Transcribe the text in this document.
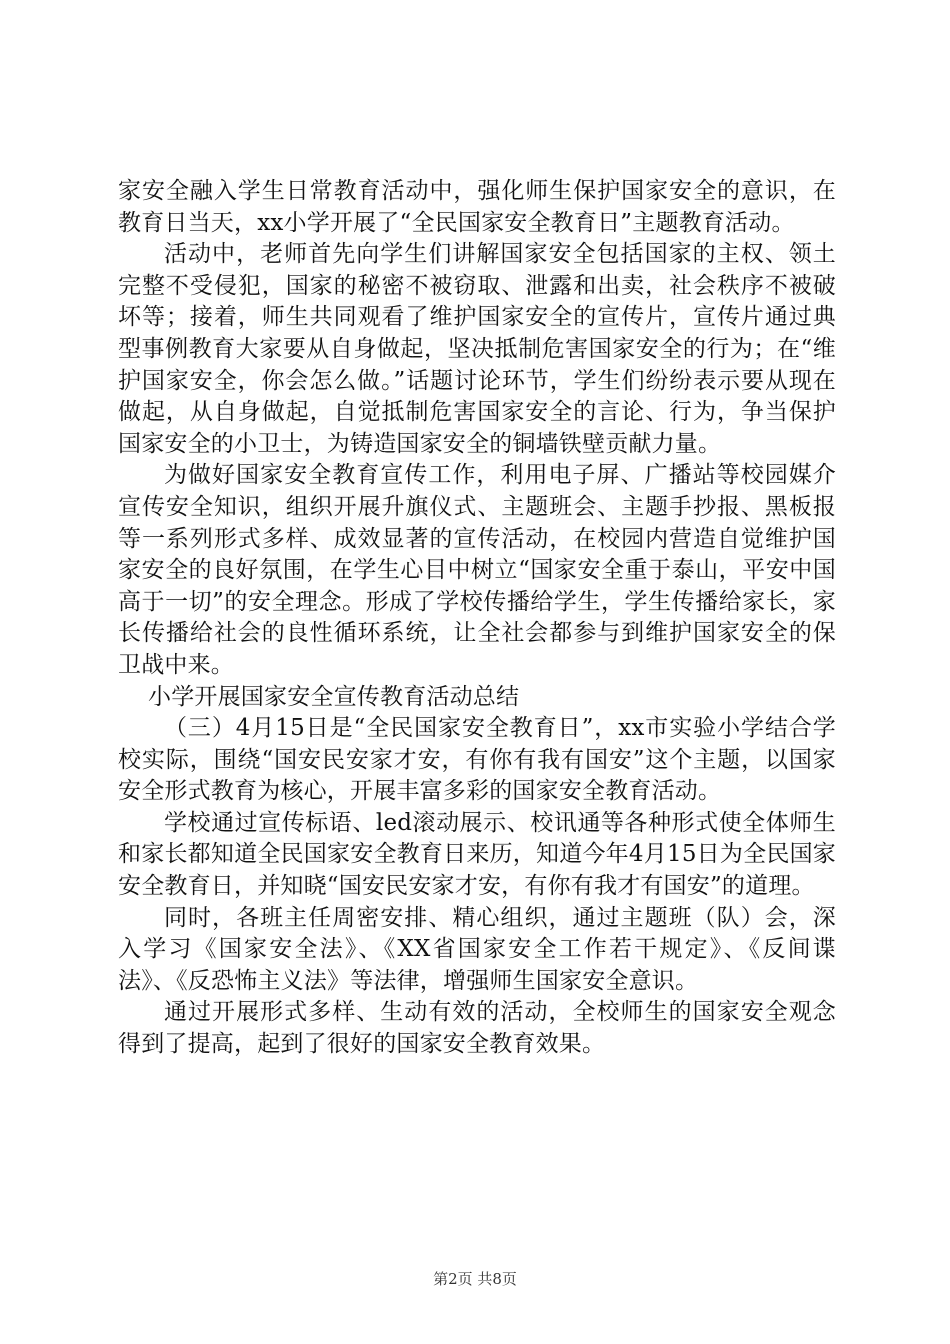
家安全融入学生日常教育活动中，强化师生保护国家安全的意识，在教育日当天，xx小学开展了“全民国家安全教育日”主题教育活动。

活动中，老师首先向学生们讲解国家安全包括国家的主权、领土完整不受侵犯，国家的秘密不被窃取、泄露和出卖，社会秩序不被破坏等；接着，师生共同观看了维护国家安全的宣传片，宣传片通过典型事例教育大家要从自身做起，坚决抵制危害国家安全的行为；在“维护国家安全，你会怎么做。”话题讨论环节，学生们纷纷表示要从现在做起，从自身做起，自觉抵制危害国家安全的言论、行为，争当保护国家安全的小卫士，为铸造国家安全的铜墙铁壁贡献力量。

为做好国家安全教育宣传工作，利用电子屏、广播站等校园媒介宣传安全知识，组织开展升旗仪式、主题班会、主题手抄报、黑板报等一系列形式多样、成效显著的宣传活动，在校园内营造自觉维护国家安全的良好氛围，在学生心目中树立“国家安全重于泰山，平安中国高于一切”的安全理念。形成了学校传播给学生，学生传播给家长，家长传播给社会的良性循环系统，让全社会都参与到维护国家安全的保卫战中来。

小学开展国家安全宣传教育活动总结

（三）4月15日是“全民国家安全教育日”，xx市实验小学结合学校实际，围绕“国安民安家才安，有你有我有国安”这个主题，以国家安全形式教育为核心，开展丰富多彩的国家安全教育活动。

学校通过宣传标语、led滚动展示、校讯通等各种形式使全体师生和家长都知道全民国家安全教育日来历，知道今年4月15日为全民国家安全教育日，并知晓“国安民安家才安，有你有我才有国安”的道理。

同时，各班主任周密安排、精心组织，通过主题班（队）会，深入学习《国家安全法》、《XX省国家安全工作若干规定》、《反间谍法》、《反恐怖主义法》等法律，增强师生国家安全意识。

通过开展形式多样、生动有效的活动，全校师生的国家安全观念得到了提高，起到了很好的国家安全教育效果。

第2页 共8页
